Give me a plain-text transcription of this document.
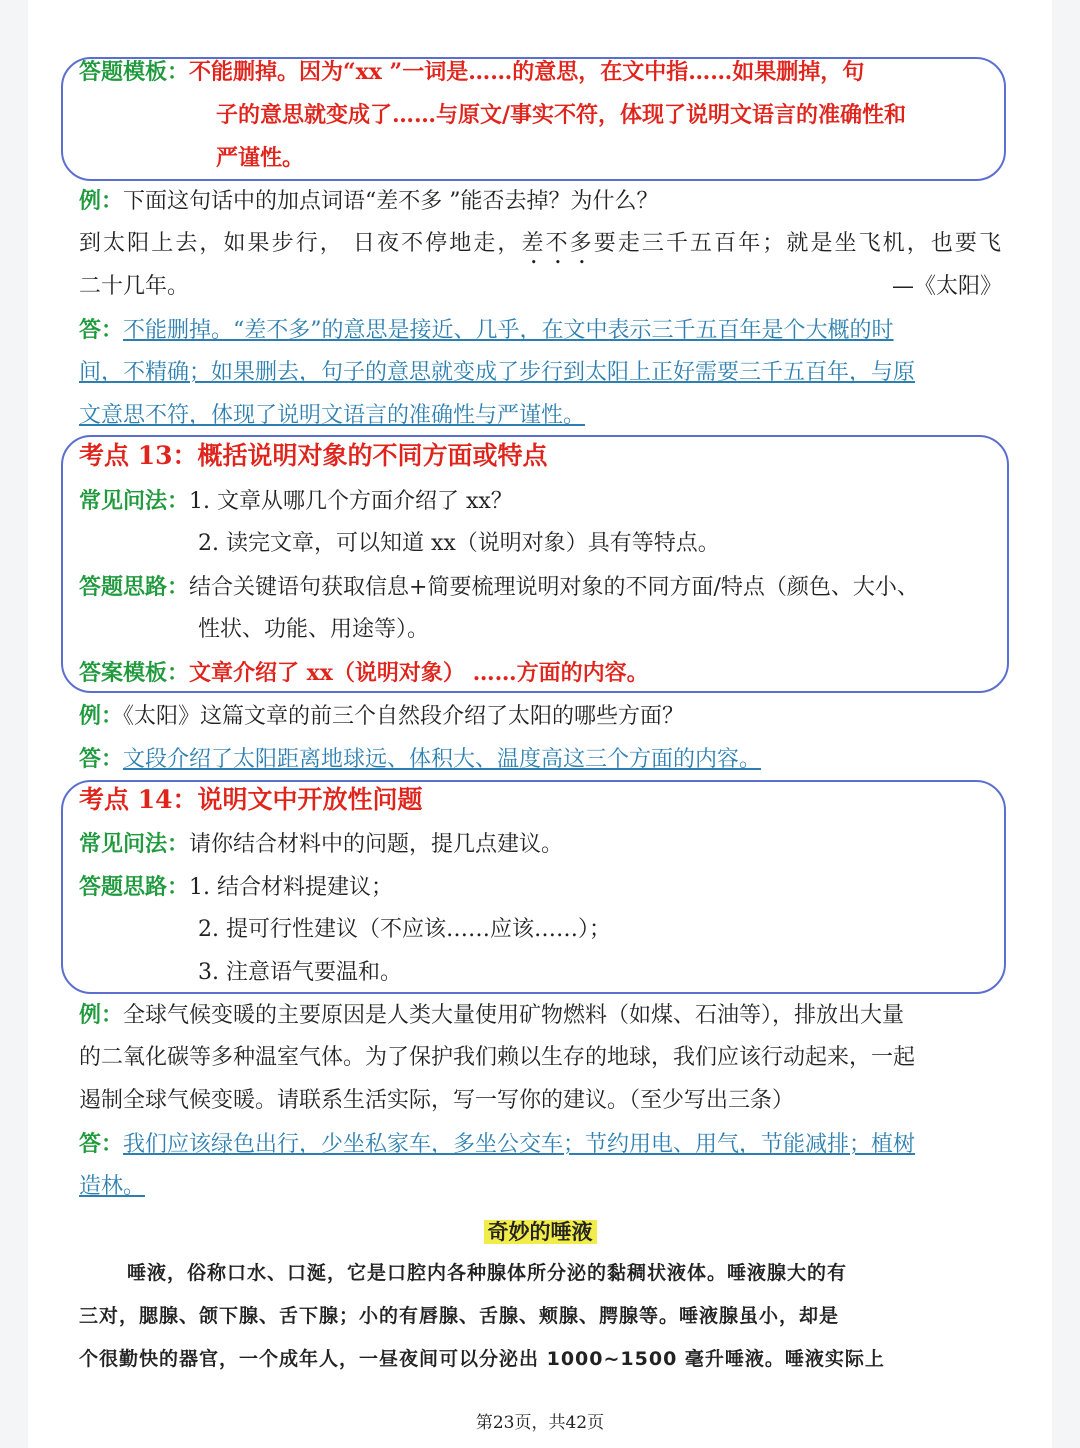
答题模板：不能删掉。因为“xx ”一词是……的意思，在文中指……如果删掉，句
子的意思就变成了……与原文/事实不符，体现了说明文语言的准确性和
严谨性。
例：下面这句话中的加点词语“差不多 ”能否去掉？为什么？
到太阳上去，如果步行， 日夜不停地走，差不多要走三千五百年；就是坐飞机，也要飞
二十几年。	—《太阳》
答：不能删掉。“差不多”的意思是接近、几乎，在文中表示三千五百年是个大概的时
间，不精确；如果删去，句子的意思就变成了步行到太阳上正好需要三千五百年，与原
文意思不符，体现了说明文语言的准确性与严谨性。
考点 13：概括说明对象的不同方面或特点
常见问法：1. 文章从哪几个方面介绍了 xx？
2. 读完文章，可以知道 xx（说明对象）具有等特点。
答题思路：结合关键语句获取信息+简要梳理说明对象的不同方面/特点（颜色、大小、
性状、功能、用途等）。
答案模板：文章介绍了 xx（说明对象） ……方面的内容。
例：《太阳》这篇文章的前三个自然段介绍了太阳的哪些方面？
答：文段介绍了太阳距离地球远、体积大、温度高这三个方面的内容。
考点 14：说明文中开放性问题
常见问法：请你结合材料中的问题，提几点建议。
答题思路：1. 结合材料提建议；
2. 提可行性建议（不应该……应该……）；
3. 注意语气要温和。
例：全球气候变暖的主要原因是人类大量使用矿物燃料（如煤、石油等），排放出大量
的二氧化碳等多种温室气体。为了保护我们赖以生存的地球，我们应该行动起来，一起
遏制全球气候变暖。请联系生活实际，写一写你的建议。（至少写出三条）
答：我们应该绿色出行，少坐私家车，多坐公交车；节约用电、用气，节能减排；植树
造林。
奇妙的唾液
唾液，俗称口水、口涎，它是口腔内各种腺体所分泌的黏稠状液体。唾液腺大的有
三对，腮腺、颌下腺、舌下腺；小的有唇腺、舌腺、颊腺、腭腺等。唾液腺虽小，却是
个很勤快的器官，一个成年人，一昼夜间可以分泌出 1000~1500 毫升唾液。唾液实际上
第23页，共42页
